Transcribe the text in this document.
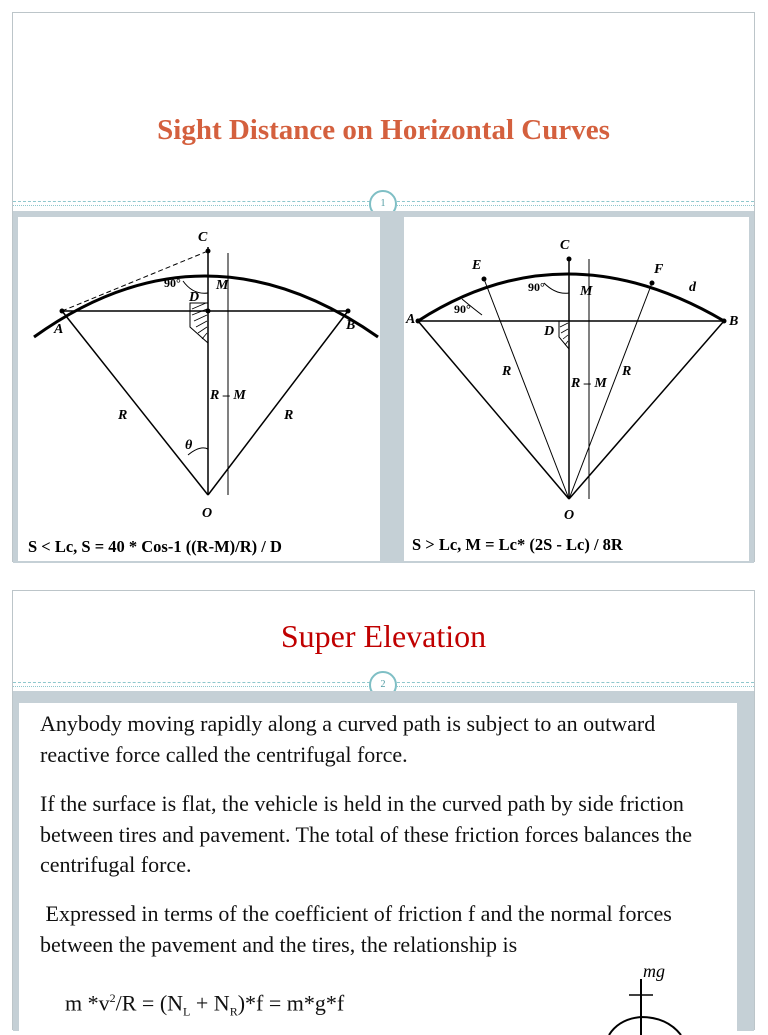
Sight Distance on Horizontal Curves
1
C
D
M
90°
A	B
R – M
R	R
θ
O
S < Lc, S = 40 * Cos-1 ((R-M)/R) / D
C
E	F
d
A	B
D
M
90°
90°
R	R
R – M
O
S > Lc, M = Lc* (2S - Lc) / 8R
Super Elevation
2
Anybody moving rapidly along a curved path is subject to an outward reactive force called the centrifugal force.
If the surface is flat, the vehicle is held in the curved path by side friction between tires and pavement. The total of these friction forces balances the centrifugal force.
Expressed in terms of the coefficient of friction f and the normal forces between the pavement and the tires, the relationship is
m $*v^2/R = (N_L + N_R)*f = m*g*f$
mg
